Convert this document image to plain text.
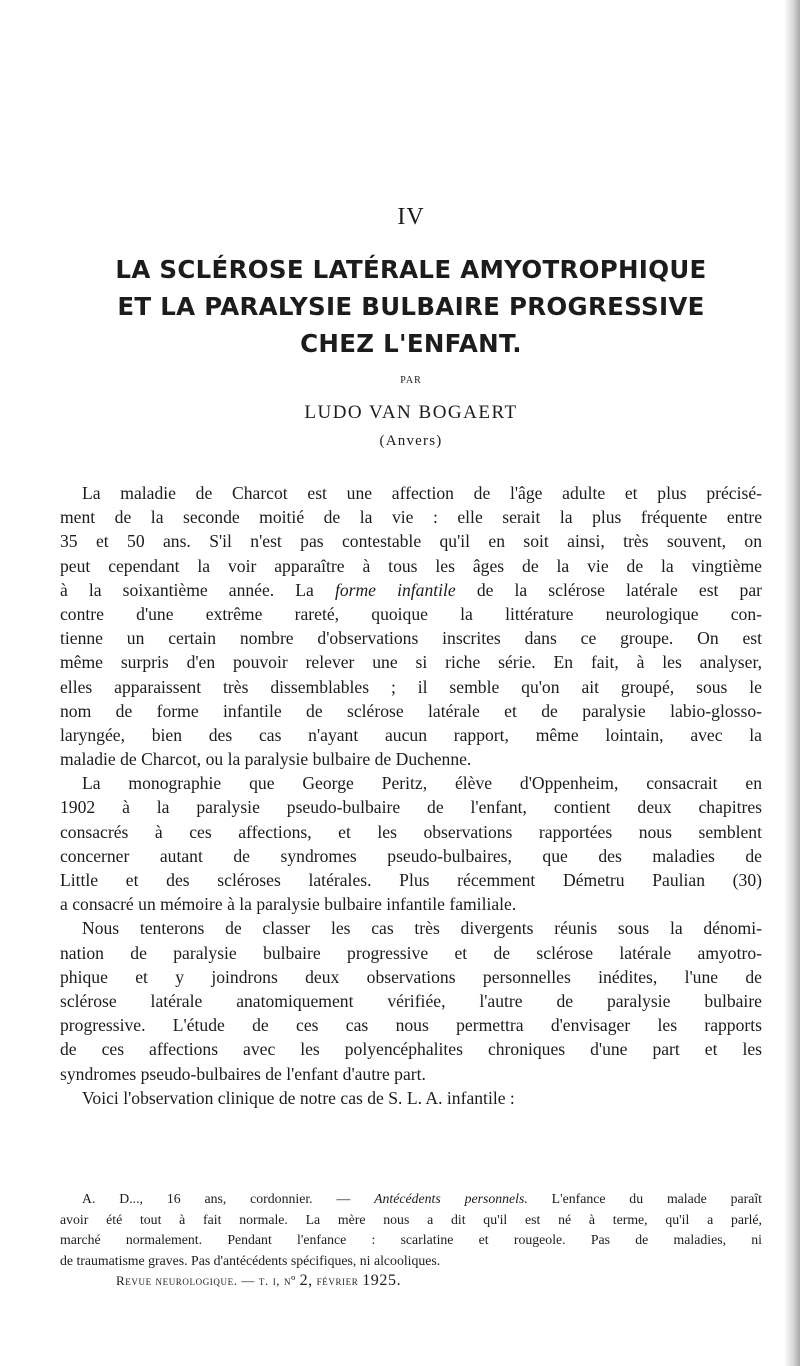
IV
LA SCLÉROSE LATÉRALE AMYOTROPHIQUE
ET LA PARALYSIE BULBAIRE PROGRESSIVE
CHEZ L'ENFANT.
PAR
LUDO VAN BOGAERT
(Anvers)
La maladie de Charcot est une affection de l'âge adulte et plus précisé-
ment de la seconde moitié de la vie : elle serait la plus fréquente entre
35 et 50 ans. S'il n'est pas contestable qu'il en soit ainsi, très souvent, on
peut cependant la voir apparaître à tous les âges de la vie de la vingtième
à la soixantième année. La forme infantile de la sclérose latérale est par
contre d'une extrême rareté, quoique la littérature neurologique con-
tienne un certain nombre d'observations inscrites dans ce groupe. On est
même surpris d'en pouvoir relever une si riche série. En fait, à les analyser,
elles apparaissent très dissemblables ; il semble qu'on ait groupé, sous le
nom de forme infantile de sclérose latérale et de paralysie labio-glosso-
laryngée, bien des cas n'ayant aucun rapport, même lointain, avec la
maladie de Charcot, ou la paralysie bulbaire de Duchenne.
La monographie que George Peritz, élève d'Oppenheim, consacrait en
1902 à la paralysie pseudo-bulbaire de l'enfant, contient deux chapitres
consacrés à ces affections, et les observations rapportées nous semblent
concerner autant de syndromes pseudo-bulbaires, que des maladies de
Little et des scléroses latérales. Plus récemment Démetru Paulian (30)
a consacré un mémoire à la paralysie bulbaire infantile familiale.
Nous tenterons de classer les cas très divergents réunis sous la dénomi-
nation de paralysie bulbaire progressive et de sclérose latérale amyotro-
phique et y joindrons deux observations personnelles inédites, l'une de
sclérose latérale anatomiquement vérifiée, l'autre de paralysie bulbaire
progressive. L'étude de ces cas nous permettra d'envisager les rapports
de ces affections avec les polyencéphalites chroniques d'une part et les
syndromes pseudo-bulbaires de l'enfant d'autre part.
Voici l'observation clinique de notre cas de S. L. A. infantile :
A. D..., 16 ans, cordonnier. — Antécédents personnels. L'enfance du malade paraît
avoir été tout à fait normale. La mère nous a dit qu'il est né à terme, qu'il a parlé,
marché normalement. Pendant l'enfance : scarlatine et rougeole. Pas de maladies, ni
de traumatisme graves. Pas d'antécédents spécifiques, ni alcooliques.
Revue neurologique. — t. i, nº 2, février 1925.
